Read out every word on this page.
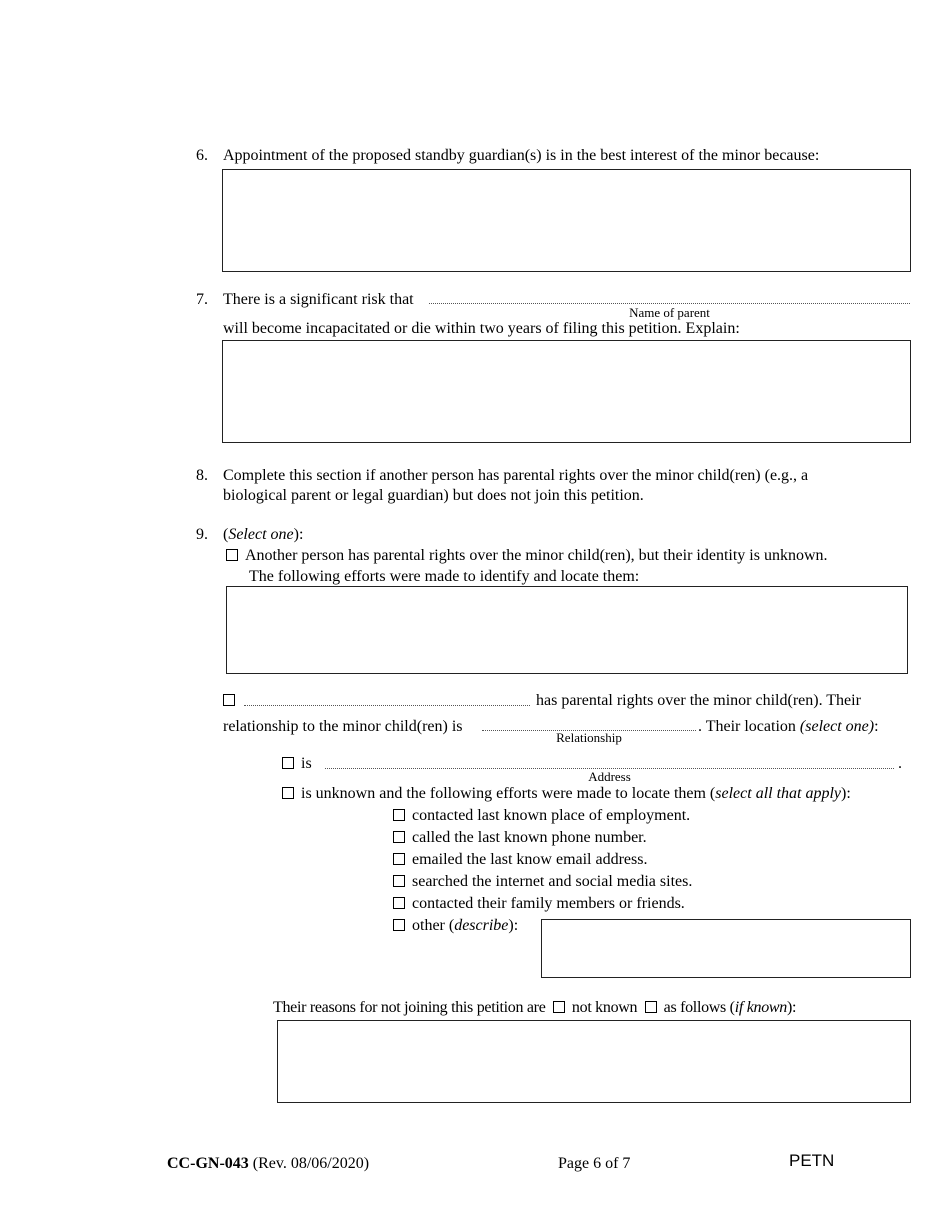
6. Appointment of the proposed standby guardian(s) is in the best interest of the minor because:
7. There is a significant risk that
Name of parent
will become incapacitated or die within two years of filing this petition. Explain:
8. Complete this section if another person has parental rights over the minor child(ren) (e.g., a
biological parent or legal guardian) but does not join this petition.
9. (Select one):
Another person has parental rights over the minor child(ren), but their identity is unknown.
The following efforts were made to identify and locate them:
has parental rights over the minor child(ren). Their
relationship to the minor child(ren) is
Relationship
. Their location (select one):
is
Address
.
is unknown and the following efforts were made to locate them (select all that apply):
contacted last known place of employment.
called the last known phone number.
emailed the last know email address.
searched the internet and social media sites.
contacted their family members or friends.
other (describe):
Their reasons for not joining this petition are not known as follows (if known):
CC-GN-043 (Rev. 08/06/2020)	Page 6 of 7	PETN
